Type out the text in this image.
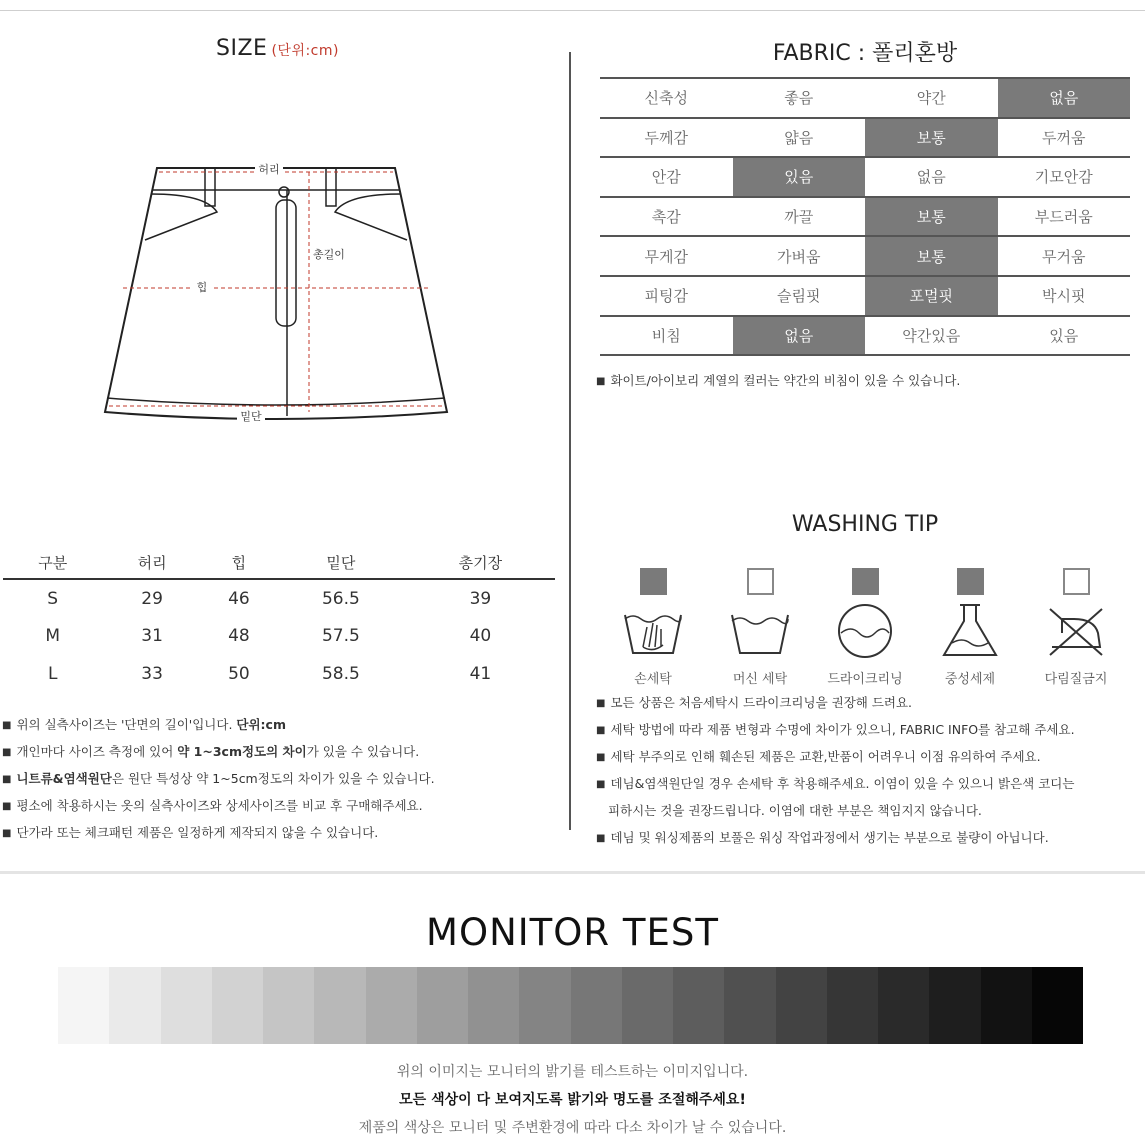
SIZE (단위:cm)
허리
총길이
힙
밑단
구분	허리	힙	밑단	총기장
S	29	46	56.5	39
M	31	48	57.5	40
L	33	50	58.5	41
■ 위의 실측사이즈는 '단면의 길이'입니다. 단위:cm
■ 개인마다 사이즈 측정에 있어 약 1~3cm정도의 차이가 있을 수 있습니다.
■ 니트류&염색원단은 원단 특성상 약 1~5cm정도의 차이가 있을 수 있습니다.
■ 평소에 착용하시는 옷의 실측사이즈와 상세사이즈를 비교 후 구매해주세요.
■ 단가라 또는 체크패턴 제품은 일정하게 제작되지 않을 수 있습니다.
FABRIC : 폴리혼방
신축성	좋음	약간	없음
두께감	얇음	보통	두꺼움
안감	있음	없음	기모안감
촉감	까끌	보통	부드러움
무게감	가벼움	보통	무거움
피팅감	슬림핏	포멀핏	박시핏
비침	없음	약간있음	있음
■ 화이트/아이보리 계열의 컬러는 약간의 비침이 있을 수 있습니다.
WASHING TIP
손세탁	머신 세탁	드라이크리닝	중성세제	다림질금지
■ 모든 상품은 처음세탁시 드라이크리닝을 권장해 드려요.
■ 세탁 방법에 따라 제품 변형과 수명에 차이가 있으니, FABRIC INFO를 참고해 주세요.
■ 세탁 부주의로 인해 훼손된 제품은 교환,반품이 어려우니 이점 유의하여 주세요.
■ 데님&염색원단일 경우 손세탁 후 착용해주세요. 이염이 있을 수 있으니 밝은색 코디는
피하시는 것을 권장드립니다. 이염에 대한 부분은 책임지지 않습니다.
■ 데님 및 워싱제품의 보풀은 워싱 작업과정에서 생기는 부분으로 불량이 아닙니다.
MONITOR TEST
위의 이미지는 모니터의 밝기를 테스트하는 이미지입니다.
모든 색상이 다 보여지도록 밝기와 명도를 조절해주세요!
제품의 색상은 모니터 및 주변환경에 따라 다소 차이가 날 수 있습니다.
